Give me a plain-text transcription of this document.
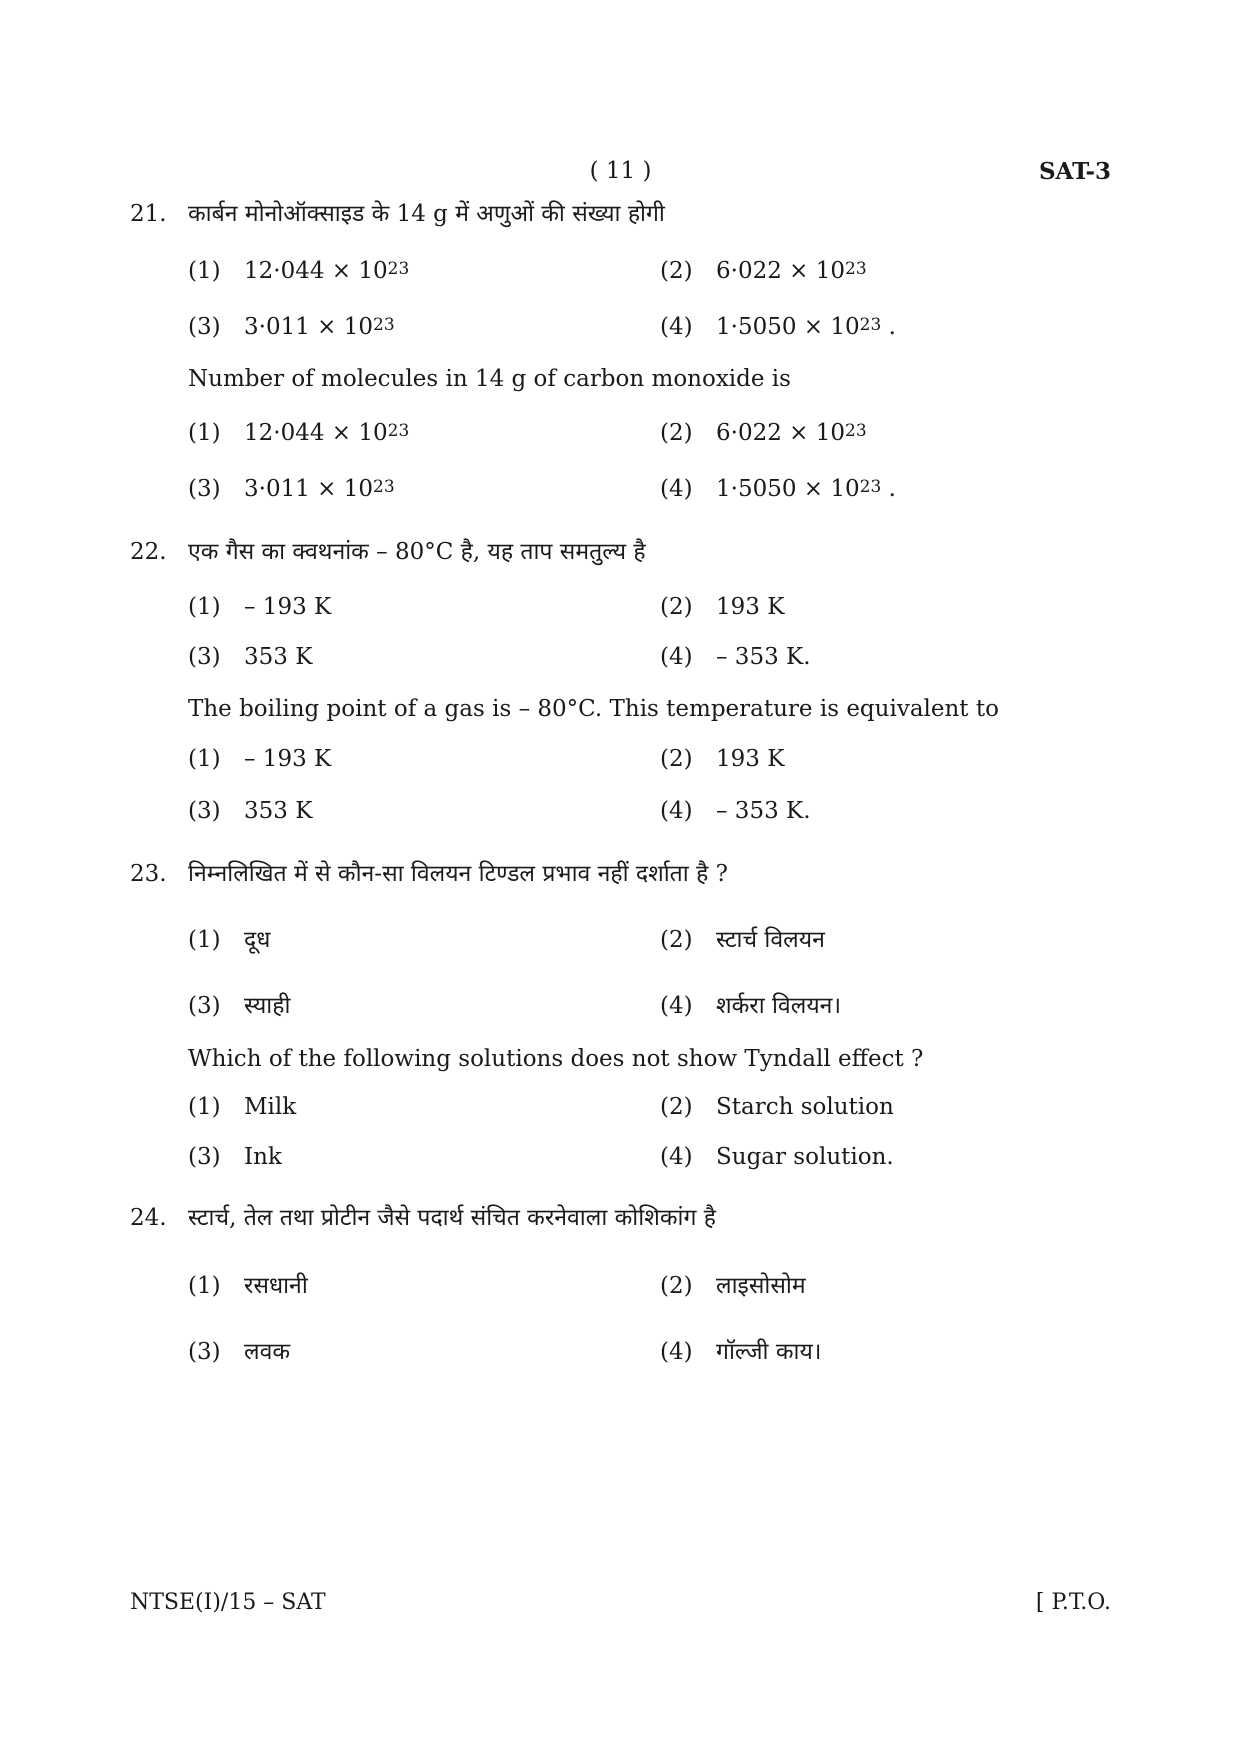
( 11 )	SAT-3
21. कार्बन मोनोऑक्साइड के 14 g में अणुओं की संख्या होगी
(1) $12\cdot 044 \times 10^{23}$	(2) $6\cdot 022 \times 10^{23}$
(3) $3\cdot 011 \times 10^{23}$	(4) $1\cdot 5050 \times 10^{23}$ .
Number of molecules in 14 g of carbon monoxide is
(1) $12\cdot 044 \times 10^{23}$	(2) $6\cdot 022 \times 10^{23}$
(3) $3\cdot 011 \times 10^{23}$	(4) $1\cdot 5050 \times 10^{23}$ .
22. एक गैस का क्वथनांक – 80°C है, यह ताप समतुल्य है
(1) – 193 K	(2) 193 K
(3) 353 K	(4) – 353 K.
The boiling point of a gas is – 80°C. This temperature is equivalent to
(1) – 193 K	(2) 193 K
(3) 353 K	(4) – 353 K.
23. निम्नलिखित में से कौन-सा विलयन टिण्डल प्रभाव नहीं दर्शाता है ?
(1) दूध	(2) स्टार्च विलयन
(3) स्याही	(4) शर्करा विलयन।
Which of the following solutions does not show Tyndall effect ?
(1) Milk	(2) Starch solution
(3) Ink	(4) Sugar solution.
24. स्टार्च, तेल तथा प्रोटीन जैसे पदार्थ संचित करनेवाला कोशिकांग है
(1) रसधानी	(2) लाइसोसोम
(3) लवक	(4) गॉल्जी काय।
NTSE(I)/15 – SAT	[ P.T.O.
